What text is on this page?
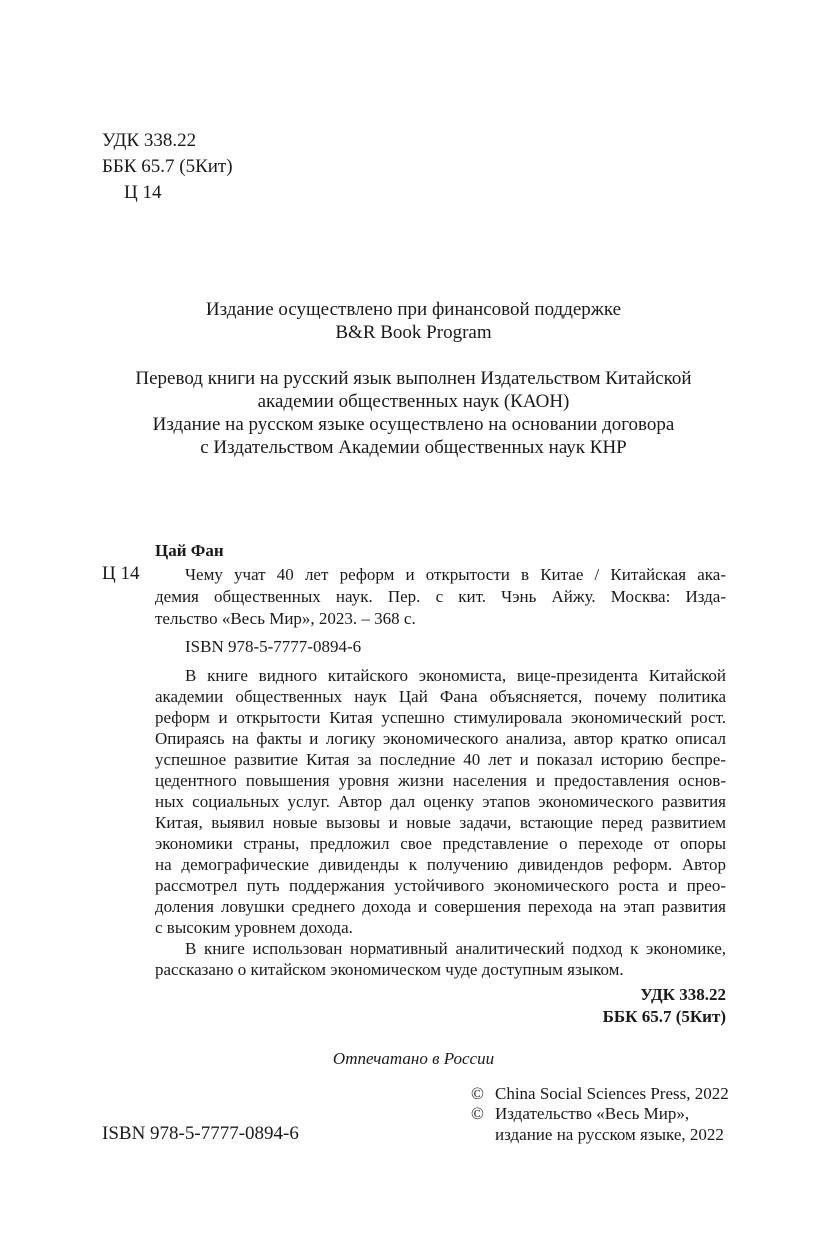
УДК 338.22
ББК 65.7 (5Кит)
Ц 14
Издание осуществлено при финансовой поддержке
B&R Book Program
Перевод книги на русский язык выполнен Издательством Китайской
академии общественных наук (КАОН)
Издание на русском языке осуществлено на основании договора
с Издательством Академии общественных наук КНР
Цай Фан
Ц 14	Чему учат 40 лет реформ и открытости в Китае / Китайская ака-
демия общественных наук. Пер. с кит. Чэнь Айжу. Москва: Изда-
тельство «Весь Мир», 2023. – 368 с.
ISBN 978-5-7777-0894-6
В книге видного китайского экономиста, вице-президента Китайской
академии общественных наук Цай Фана объясняется, почему политика
реформ и открытости Китая успешно стимулировала экономический рост.
Опираясь на факты и логику экономического анализа, автор кратко описал
успешное развитие Китая за последние 40 лет и показал историю беспре-
цедентного повышения уровня жизни населения и предоставления основ-
ных социальных услуг. Автор дал оценку этапов экономического развития
Китая, выявил новые вызовы и новые задачи, встающие перед развитием
экономики страны, предложил свое представление о переходе от опоры
на демографические дивиденды к получению дивидендов реформ. Автор
рассмотрел путь поддержания устойчивого экономического роста и прео-
доления ловушки среднего дохода и совершения перехода на этап развития
с высоким уровнем дохода.
В книге использован нормативный аналитический подход к экономике,
рассказано о китайском экономическом чуде доступным языком.
УДК 338.22
ББК 65.7 (5Кит)
Отпечатано в России
© China Social Sciences Press, 2022
© Издательство «Весь Мир»,
издание на русском языке, 2022
ISBN 978-5-7777-0894-6
